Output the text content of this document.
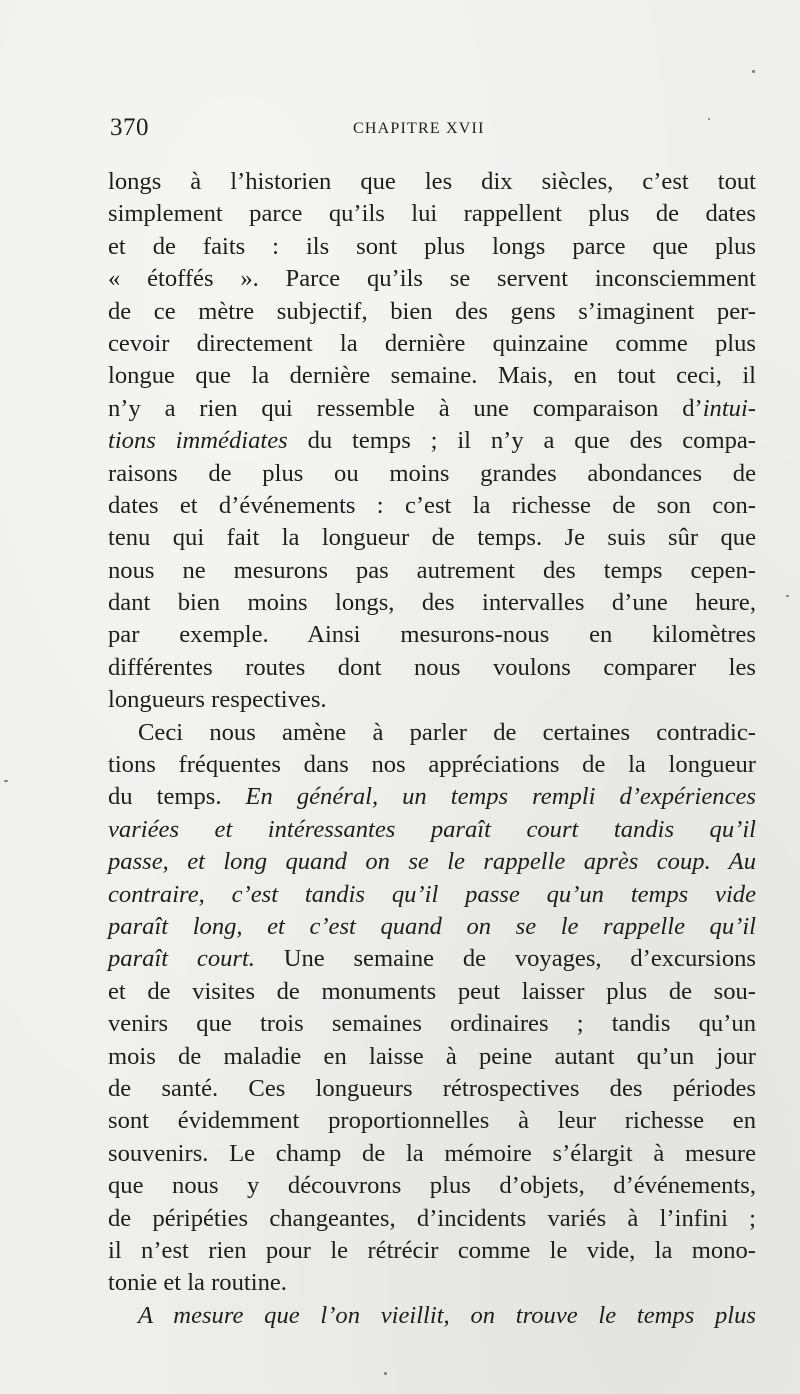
370	CHAPITRE XVII
longs à l’historien que les dix siècles, c’est tout
simplement parce qu’ils lui rappellent plus de dates
et de faits : ils sont plus longs parce que plus
« étoffés ». Parce qu’ils se servent inconsciemment
de ce mètre subjectif, bien des gens s’imaginent per-
cevoir directement la dernière quinzaine comme plus
longue que la dernière semaine. Mais, en tout ceci, il
n’y a rien qui ressemble à une comparaison d’intui-
tions immédiates du temps ; il n’y a que des compa-
raisons de plus ou moins grandes abondances de
dates et d’événements : c’est la richesse de son con-
tenu qui fait la longueur de temps. Je suis sûr que
nous ne mesurons pas autrement des temps cepen-
dant bien moins longs, des intervalles d’une heure,
par exemple. Ainsi mesurons-nous en kilomètres
différentes routes dont nous voulons comparer les
longueurs respectives.
Ceci nous amène à parler de certaines contradic-
tions fréquentes dans nos appréciations de la longueur
du temps. En général, un temps rempli d’expériences
variées et intéressantes paraît court tandis qu’il
passe, et long quand on se le rappelle après coup. Au
contraire, c’est tandis qu’il passe qu’un temps vide
paraît long, et c’est quand on se le rappelle qu’il
paraît court. Une semaine de voyages, d’excursions
et de visites de monuments peut laisser plus de sou-
venirs que trois semaines ordinaires ; tandis qu’un
mois de maladie en laisse à peine autant qu’un jour
de santé. Ces longueurs rétrospectives des périodes
sont évidemment proportionnelles à leur richesse en
souvenirs. Le champ de la mémoire s’élargit à mesure
que nous y découvrons plus d’objets, d’événements,
de péripéties changeantes, d’incidents variés à l’infini ;
il n’est rien pour le rétrécir comme le vide, la mono-
tonie et la routine.
A mesure que l’on vieillit, on trouve le temps plus
